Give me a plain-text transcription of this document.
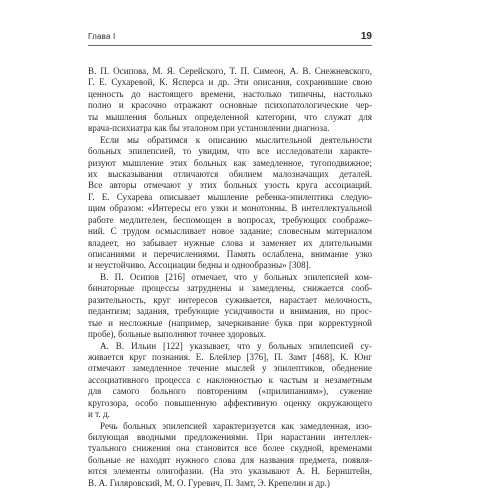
Глава I	19
В. П. Осипова, М. Я. Серейского, Т. П. Симеон, А. В. Снежневского,
Г. Е. Сухаревой, К. Ясперса и др. Эти описания, сохранившие свою
ценность до настоящего времени, настолько типичны, настолько
полно и красочно отражают основные психопатологические чер-
ты мышления больных определенной категории, что служат для
врача-психиатра как бы эталоном при установлении диагноза.
Если мы обратимся к описанию мыслительной деятельности
больных эпилепсией, то увидим, что все исследователи характе-
ризуют мышление этих больных как замедленное, тугоподвижное;
их высказывания отличаются обилием малозначащих деталей.
Все авторы отмечают у этих больных узость круга ассоциаций.
Г. Е. Сухарева описывает мышление ребенка-эпилептика следую-
щим образом: «Интересы его узки и монотонны. В интеллектуальной
работе медлителен, беспомощен в вопросах, требующих соображе-
ний. С трудом осмысливает новое задание; словесным материалом
владеет, но забывает нужные слова и заменяет их длительными
описаниями и перечислениями. Память ослаблена, внимание узко
и неустойчиво. Ассоциации бедны и однообразны» [308].
В. П. Осипов [216] отмечает, что у больных эпилепсией ком-
бинаторные процессы затруднены и замедлены, снижается сооб-
разительность, круг интересов суживается, нарастает мелочность,
педантизм; задания, требующие усидчивости и внимания, но прос-
тые и несложные (например, зачеркивание букв при корректурной
пробе), больные выполняют точнее здоровых.
А. В. Ильин [122] указывает, что у больных эпилепсией су-
живается круг познания. Е. Блейлер [376], П. Замт [468], К. Юнг
отмечают замедленное течение мыслей у эпилептиков, обеднение
ассоциативного процесса с наклонностью к частым и незаметным
для самого больного повторениям («прилипаниям»), сужение
кругозора, особо повышенную аффективную оценку окружающего
и т. д.
Речь больных эпилепсией характеризуется как замедленная, изо-
билующая вводными предложениями. При нарастании интеллек-
туального снижения она становится все более скудной, временами
больные не находят нужного слова для названия предмета, появля-
ются элементы олигофазии. (На это указывают А. Н. Бернштейн,
В. А. Гиляровский, М. О. Гуревич, П. Замт, Э. Крепелин и др.)
